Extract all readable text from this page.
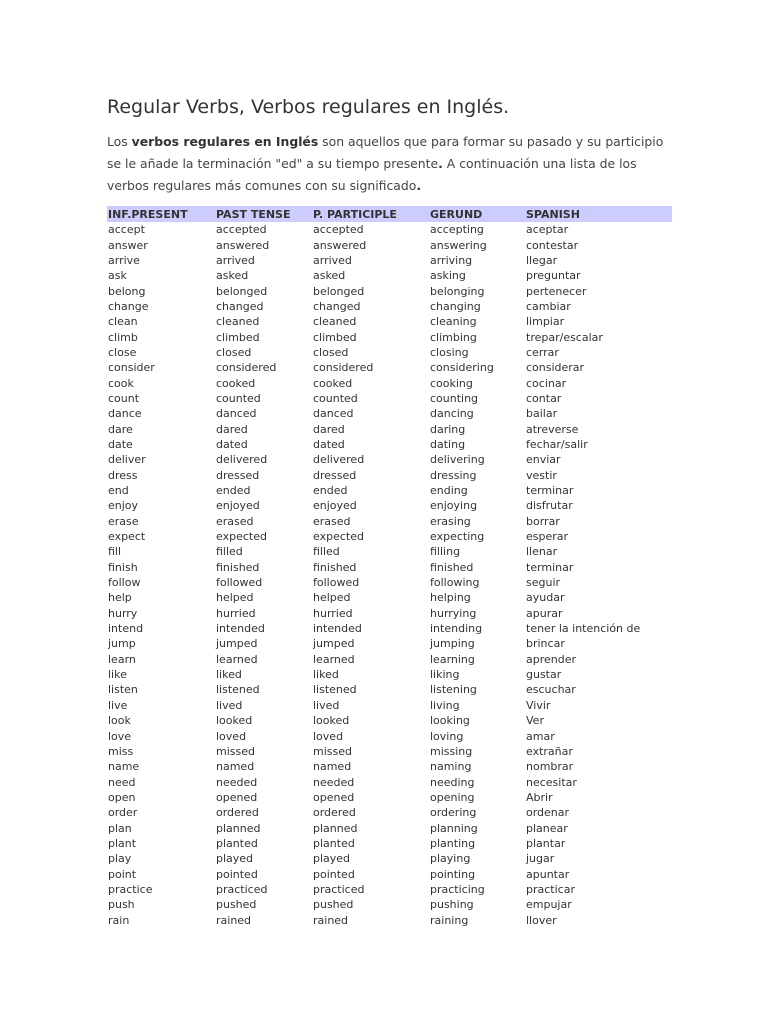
Regular Verbs, Verbos regulares en Inglés.

Los verbos regulares en Inglés son aquellos que para formar su pasado y su participio se le añade la terminación "ed" a su tiempo presente. A continuación una lista de los verbos regulares más comunes con su significado.

INF.PRESENT	PAST TENSE	P. PARTICIPLE	GERUND	SPANISH
accept	accepted	accepted	accepting	aceptar
answer	answered	answered	answering	contestar
arrive	arrived	arrived	arriving	llegar
ask	asked	asked	asking	preguntar
belong	belonged	belonged	belonging	pertenecer
change	changed	changed	changing	cambiar
clean	cleaned	cleaned	cleaning	limpiar
climb	climbed	climbed	climbing	trepar/escalar
close	closed	closed	closing	cerrar
consider	considered	considered	considering	considerar
cook	cooked	cooked	cooking	cocinar
count	counted	counted	counting	contar
dance	danced	danced	dancing	bailar
dare	dared	dared	daring	atreverse
date	dated	dated	dating	fechar/salir
deliver	delivered	delivered	delivering	enviar
dress	dressed	dressed	dressing	vestir
end	ended	ended	ending	terminar
enjoy	enjoyed	enjoyed	enjoying	disfrutar
erase	erased	erased	erasing	borrar
expect	expected	expected	expecting	esperar
fill	filled	filled	filling	llenar
finish	finished	finished	finished	terminar
follow	followed	followed	following	seguir
help	helped	helped	helping	ayudar
hurry	hurried	hurried	hurrying	apurar
intend	intended	intended	intending	tener la intención de
jump	jumped	jumped	jumping	brincar
learn	learned	learned	learning	aprender
like	liked	liked	liking	gustar
listen	listened	listened	listening	escuchar
live	lived	lived	living	Vivir
look	looked	looked	looking	Ver
love	loved	loved	loving	amar
miss	missed	missed	missing	extrañar
name	named	named	naming	nombrar
need	needed	needed	needing	necesitar
open	opened	opened	opening	Abrir
order	ordered	ordered	ordering	ordenar
plan	planned	planned	planning	planear
plant	planted	planted	planting	plantar
play	played	played	playing	jugar
point	pointed	pointed	pointing	apuntar
practice	practiced	practiced	practicing	practicar
push	pushed	pushed	pushing	empujar
rain	rained	rained	raining	llover
